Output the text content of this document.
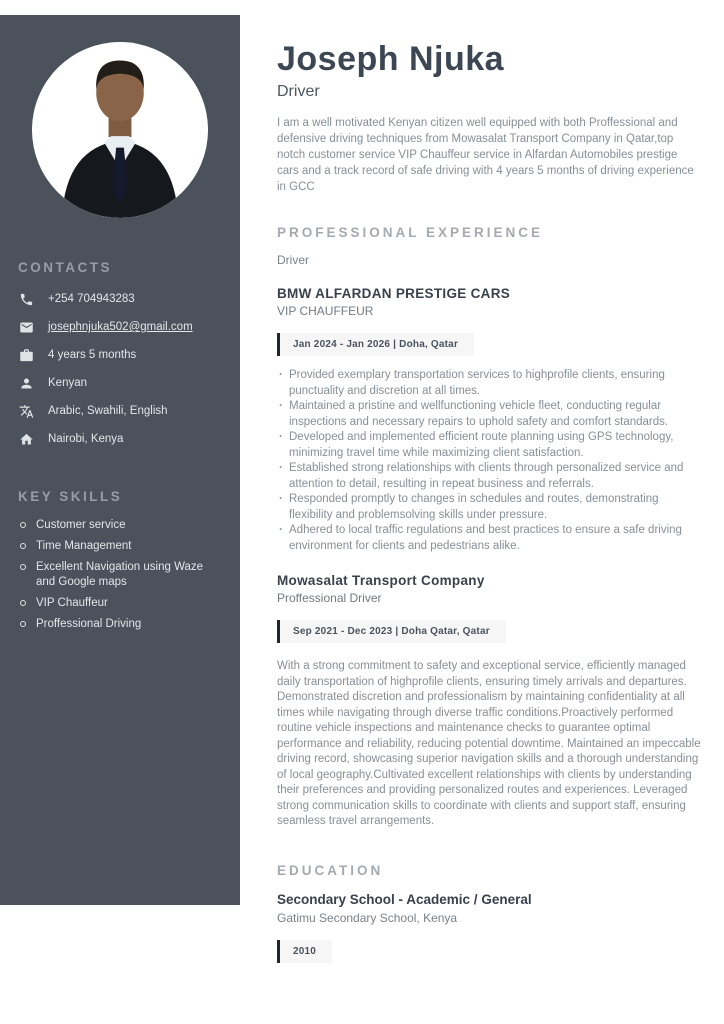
CONTACTS
+254 704943283
josephnjuka502@gmail.com
4 years 5 months
Kenyan
Arabic, Swahili, English
Nairobi, Kenya
KEY SKILLS
Customer service
Time Management
Excellent Navigation using Waze and Google maps
VIP Chauffeur
Proffessional Driving
Joseph Njuka
Driver

I am a well motivated Kenyan citizen well equipped with both Proffessional and defensive driving techniques from Mowasalat Transport Company in Qatar,top notch customer service VIP Chauffeur service in Alfardan Automobiles prestige cars and a track record of safe driving with 4 years 5 months of driving experience in GCC

PROFESSIONAL EXPERIENCE
Driver
BMW ALFARDAN PRESTIGE CARS
VIP CHAUFFEUR
Jan 2024 - Jan 2026 | Doha, Qatar
· Provided exemplary transportation services to highprofile clients, ensuring punctuality and discretion at all times.
· Maintained a pristine and wellfunctioning vehicle fleet, conducting regular inspections and necessary repairs to uphold safety and comfort standards.
· Developed and implemented efficient route planning using GPS technology, minimizing travel time while maximizing client satisfaction.
· Established strong relationships with clients through personalized service and attention to detail, resulting in repeat business and referrals.
· Responded promptly to changes in schedules and routes, demonstrating flexibility and problemsolving skills under pressure.
· Adhered to local traffic regulations and best practices to ensure a safe driving environment for clients and pedestrians alike.
Mowasalat Transport Company
Proffessional Driver
Sep 2021 - Dec 2023 | Doha Qatar, Qatar

With a strong commitment to safety and exceptional service, efficiently managed daily transportation of highprofile clients, ensuring timely arrivals and departures. Demonstrated discretion and professionalism by maintaining confidentiality at all times while navigating through diverse traffic conditions.Proactively performed routine vehicle inspections and maintenance checks to guarantee optimal performance and reliability, reducing potential downtime. Maintained an impeccable driving record, showcasing superior navigation skills and a thorough understanding of local geography.Cultivated excellent relationships with clients by understanding their preferences and providing personalized routes and experiences. Leveraged strong communication skills to coordinate with clients and support staff, ensuring seamless travel arrangements.

EDUCATION
Secondary School - Academic / General
Gatimu Secondary School, Kenya
2010
